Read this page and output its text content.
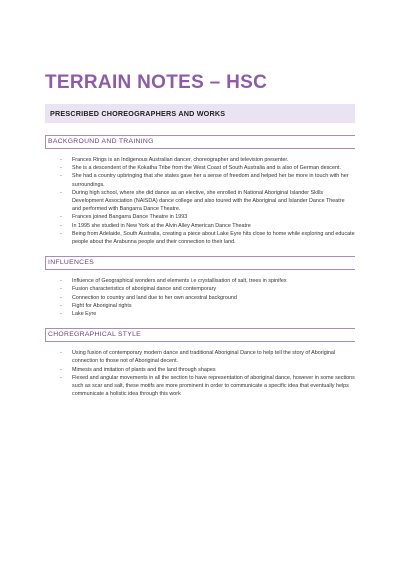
TERRAIN NOTES – HSC
PRESCRIBED CHOREOGRAPHERS AND WORKS
BACKGROUND AND TRAINING
- Frances Rings is an Indigenous Australian dancer, choreographer and television presenter.
- She is a descendent of the Kokatha Tribe from the West Coast of South Australia and is also of German descent.
- She had a country upbringing that she states gave her a sense of freedom and helped her be more in touch with her surroundings.
- During high school, where she did dance as an elective, she enrolled in National Aboriginal Islander Skills Development Association (NAISDA) dance college and also toured with the Aboriginal and Islander Dance Theatre and performed with Bangarra Dance Theatre.
- Frances joined Bangarra Dance Theatre in 1993
- In 1995 she studied in New York at the Alvin Alley American Dance Theatre
- Being from Adelaide, South Australia, creating a piece about Lake Eyre hits close to home while exploring and educate people about the Arabunna people and their connection to their land.
INFLUENCES
- Influence of Geographical wonders and elements i.e crystallisation of salt, trees in spinifex
- Fusion characteristics of aboriginal dance and contemporary
- Connection to country and land due to her own ancestral background
- Fight for Aboriginal rights
- Lake Eyre
CHOREGRAPHICAL STYLE
- Using fusion of contemporary modern dance and traditional Aboriginal Dance to help tell the story of Aboriginal connection to those not of Aboriginal decent.
- Mimesis and imitation of plants and the land through shapes
- Flexed and angular movements in all the section to have representation of aboriginal dance, however in some sections such as scar and salt, these motifs are more prominent in order to communicate a specific idea that eventually helps communicate a holistic idea through this work
